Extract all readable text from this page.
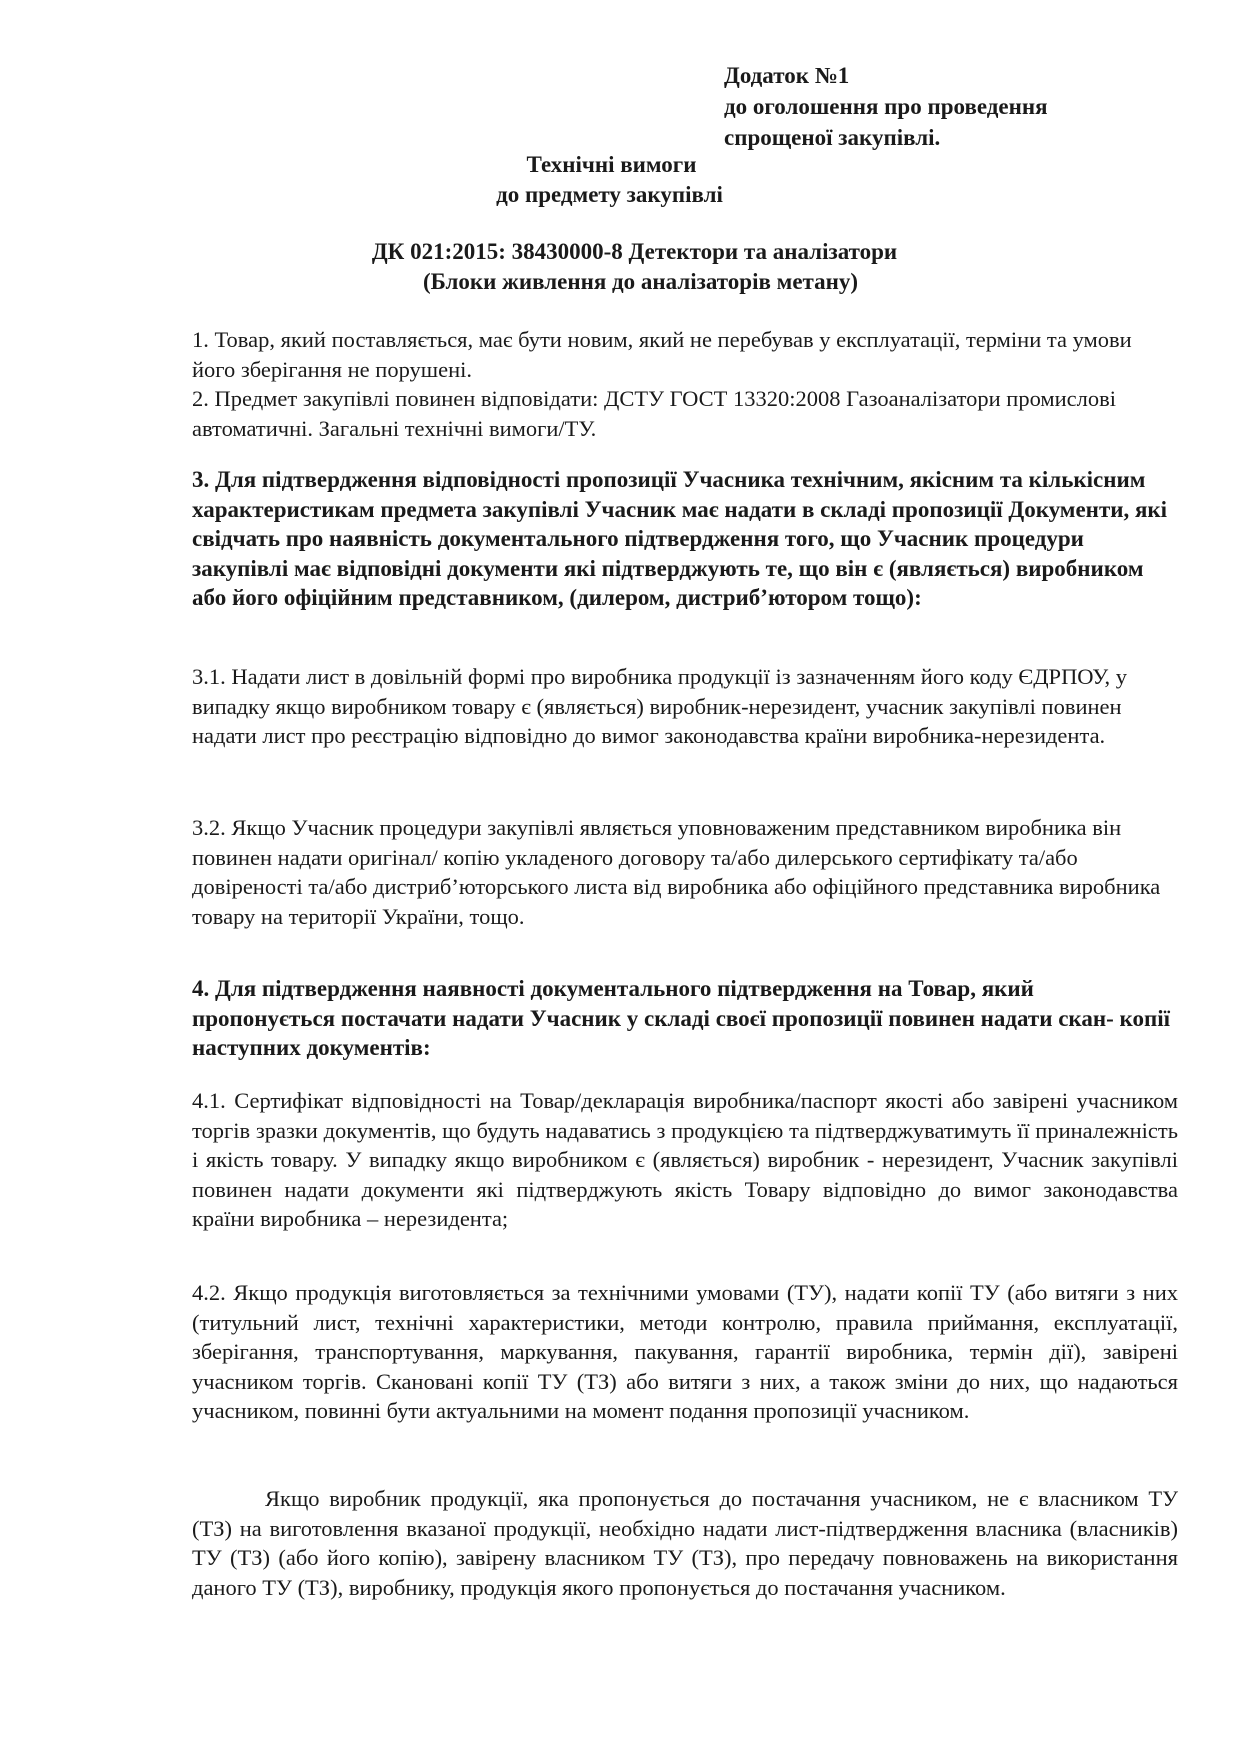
Додаток №1
до оголошення про проведення
спрощеної закупівлі.
Технічні вимоги
до предмету закупівлі
ДК 021:2015: 38430000-8 Детектори та аналізатори
(Блоки живлення до аналізаторів метану)
1. Товар, який поставляється, має бути новим, який не перебував у експлуатації, терміни та умови його зберігання не порушені.
2. Предмет закупівлі повинен відповідати: ДСТУ ГОСТ 13320:2008 Газоаналізатори промислові автоматичні. Загальні технічні вимоги/ТУ.
3. Для підтвердження відповідності пропозиції Учасника технічним, якісним та кількісним характеристикам предмета закупівлі Учасник має надати в складі пропозиції Документи, які свідчать про наявність документального підтвердження того, що Учасник процедури закупівлі має відповідні документи які підтверджують те, що він є (являється) виробником або його офіційним представником, (дилером, дистриб’ютором тощо):
3.1. Надати лист в довільній формі про виробника продукції із зазначенням його коду ЄДРПОУ, у випадку якщо виробником товару є (являється) виробник-нерезидент, учасник закупівлі повинен надати лист про реєстрацію відповідно до вимог законодавства країни виробника-нерезидента.
3.2. Якщо Учасник процедури закупівлі являється уповноваженим представником виробника він повинен надати оригінал/ копію укладеного договору та/або дилерського сертифікату та/або довіреності та/або дистриб’юторського листа від виробника або офіційного представника виробника товару на території України, тощо.
4. Для підтвердження наявності документального підтвердження на Товар, який пропонується постачати надати Учасник у складі своєї пропозиції повинен надати скан- копії наступних документів:
4.1. Сертифікат відповідності на Товар/декларація виробника/паспорт якості або завірені учасником торгів зразки документів, що будуть надаватись з продукцією та підтверджуватимуть її приналежність і якість товару. У випадку якщо виробником є (являється) виробник - нерезидент, Учасник закупівлі повинен надати документи які підтверджують якість Товару відповідно до вимог законодавства країни виробника – нерезидента;
4.2. Якщо продукція виготовляється за технічними умовами (ТУ), надати копії ТУ (або витяги з них (титульний лист, технічні характеристики, методи контролю, правила приймання, експлуатації, зберігання, транспортування, маркування, пакування, гарантії виробника, термін дії), завірені учасником торгів. Скановані копії ТУ (ТЗ) або витяги з них, а також зміни до них, що надаються учасником, повинні бути актуальними на момент подання пропозиції учасником.
Якщо виробник продукції, яка пропонується до постачання учасником, не є власником ТУ (ТЗ) на виготовлення вказаної продукції, необхідно надати лист-підтвердження власника (власників) ТУ (ТЗ) (або його копію), завірену власником ТУ (ТЗ), про передачу повноважень на використання даного ТУ (ТЗ), виробнику, продукція якого пропонується до постачання учасником.
